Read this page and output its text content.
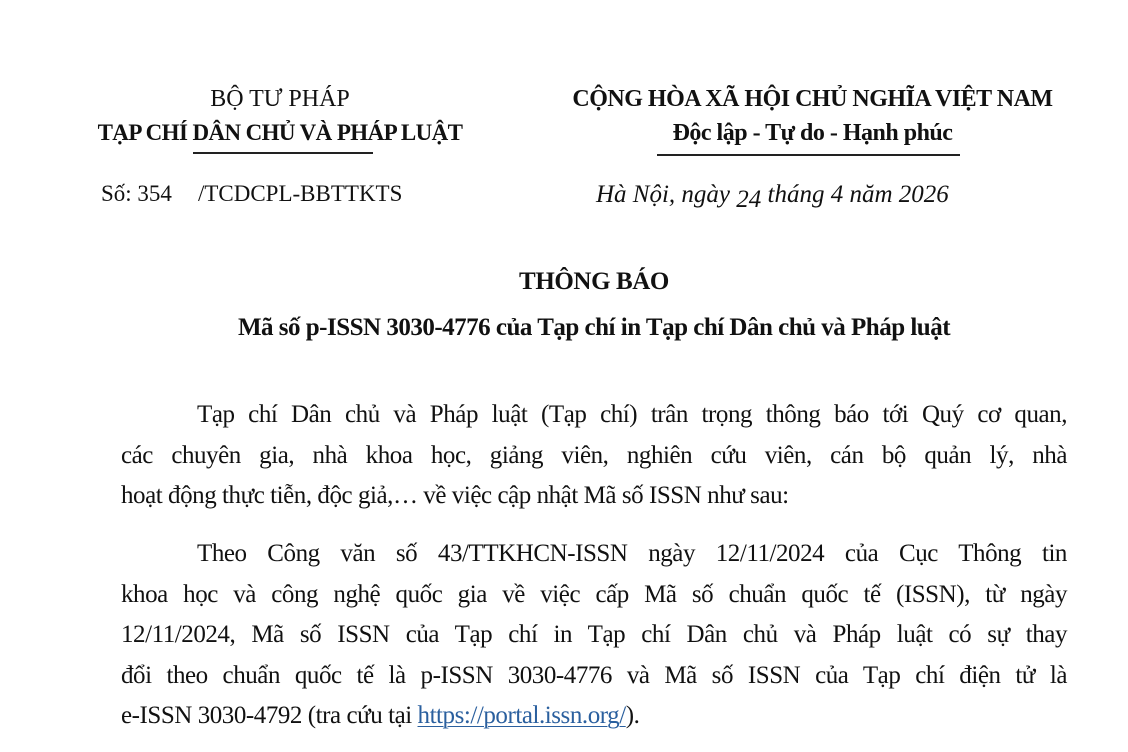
BỘ TƯ PHÁP
TẠP CHÍ DÂN CHỦ VÀ PHÁP LUẬT
Số: 354 /TCDCPL-BBTTKTS
CỘNG HÒA XÃ HỘI CHỦ NGHĨA VIỆT NAM
Độc lập - Tự do - Hạnh phúc
Hà Nội, ngày 24 tháng 4 năm 2026
THÔNG BÁO
Mã số p-ISSN 3030-4776 của Tạp chí in Tạp chí Dân chủ và Pháp luật
Tạp chí Dân chủ và Pháp luật (Tạp chí) trân trọng thông báo tới Quý cơ quan,
các chuyên gia, nhà khoa học, giảng viên, nghiên cứu viên, cán bộ quản lý, nhà
hoạt động thực tiễn, độc giả,… về việc cập nhật Mã số ISSN như sau:
Theo Công văn số 43/TTKHCN-ISSN ngày 12/11/2024 của Cục Thông tin
khoa học và công nghệ quốc gia về việc cấp Mã số chuẩn quốc tế (ISSN), từ ngày
12/11/2024, Mã số ISSN của Tạp chí in Tạp chí Dân chủ và Pháp luật có sự thay
đổi theo chuẩn quốc tế là p-ISSN 3030-4776 và Mã số ISSN của Tạp chí điện tử là
e-ISSN 3030-4792 (tra cứu tại https://portal.issn.org/).
